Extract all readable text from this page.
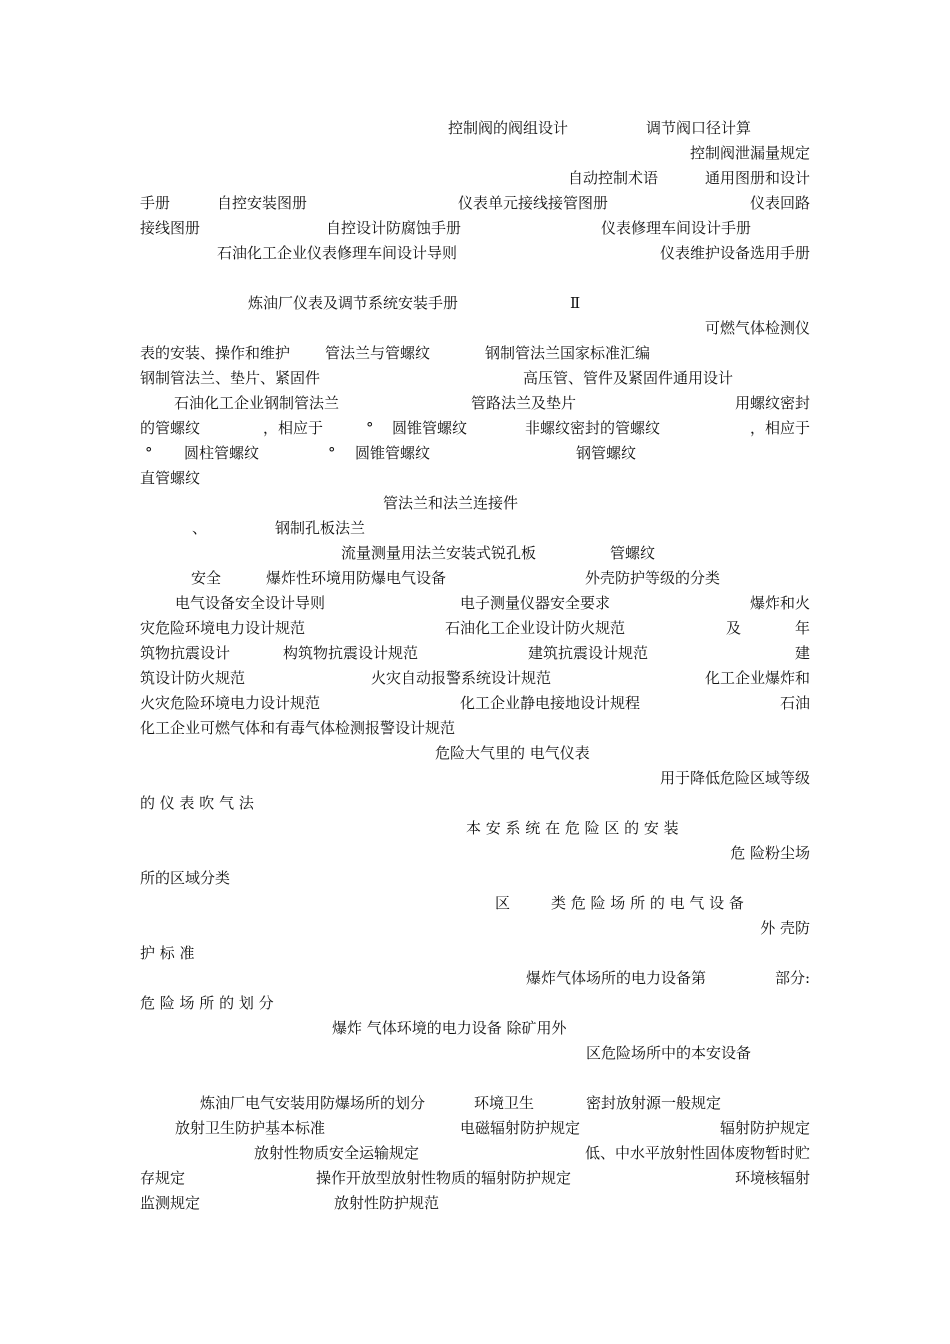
控制阀的阀组设计	调节阀口径计算
控制阀泄漏量规定
自动控制术语	通用图册和设计
手册	自控安装图册	仪表单元接线接管图册	仪表回路
接线图册	自控设计防腐蚀手册	仪表修理车间设计手册
石油化工企业仪表修理车间设计导则	仪表维护设备选用手册
炼油厂仪表及调节系统安装手册	Ⅱ
可燃气体检测仪
表的安装、操作和维护 管法兰与管螺纹	钢制管法兰国家标准汇编
钢制管法兰、垫片、紧固件	高压管、管件及紧固件通用设计
石油化工企业钢制管法兰	管路法兰及垫片	用螺纹密封
的管螺纹	，相应于	° 圆锥管螺纹	非螺纹密封的管螺纹	，相应于
° 圆柱管螺纹	° 圆锥管螺纹	钢管螺纹
直管螺纹
管法兰和法兰连接件
、	钢制孔板法兰
流量测量用法兰安装式锐孔板	管螺纹
安全	爆炸性环境用防爆电气设备	外壳防护等级的分类
电气设备安全设计导则	电子测量仪器安全要求	爆炸和火
灾危险环境电力设计规范	石油化工企业设计防火规范	及	年
筑物抗震设计	构筑物抗震设计规范	建筑抗震设计规范	建
筑设计防火规范	火灾自动报警系统设计规范	化工企业爆炸和
火灾危险环境电力设计规范	化工企业静电接地设计规程	石油
化工企业可燃气体和有毒气体检测报警设计规范
危险大气里的 电气仪表
用于降低危险区域等级
的 仪 表 吹 气 法
本 安 系 统 在 危 险 区 的 安 装
危 险粉尘场
所的区域分类
区	类 危 险 场 所 的 电 气 设 备
外 壳防
护 标 准
爆炸气体场所的电力设备第	部分:
危 险 场 所 的 划 分
爆炸 气体环境的电力设备 除矿用外
区危险场所中的本安设备
炼油厂电气安装用防爆场所的划分	环境卫生	密封放射源一般规定
放射卫生防护基本标准	电磁辐射防护规定	辐射防护规定
放射性物质安全运输规定	低、中水平放射性固体废物暂时贮
存规定	操作开放型放射性物质的辐射防护规定	环境核辐射
监测规定	放射性防护规范
